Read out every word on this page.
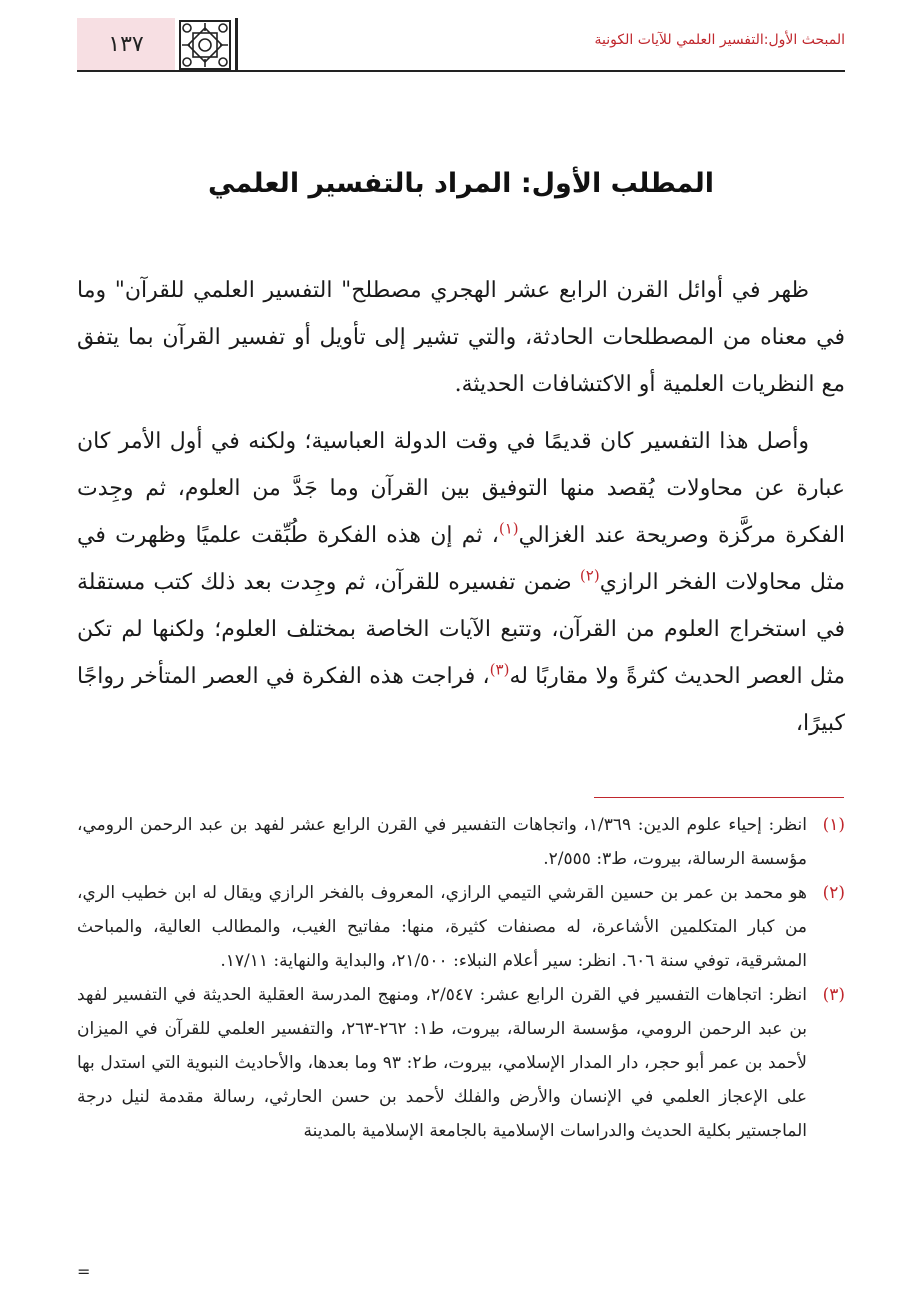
١٣٧	المبحث الأول:التفسير العلمي للآيات الكونية
المطلب الأول: المراد بالتفسير العلمي

ظهر في أوائل القرن الرابع عشر الهجري مصطلح" التفسير العلمي للقرآن" وما في معناه من المصطلحات الحادثة، والتي تشير إلى تأويل أو تفسير القرآن بما يتفق مع النظريات العلمية أو الاكتشافات الحديثة.

وأصل هذا التفسير كان قديمًا في وقت الدولة العباسية؛ ولكنه في أول الأمر كان عبارة عن محاولات يُقصد منها التوفيق بين القرآن وما جَدَّ من العلوم، ثم وجِدت الفكرة مركَّزة وصريحة عند الغزالي$^{(١)}$، ثم إن هذه الفكرة طُبِّقت علميًا وظهرت في مثل محاولات الفخر الرازي$^{(٢)}$ ضمن تفسيره للقرآن، ثم وجِدت بعد ذلك كتب مستقلة في استخراج العلوم من القرآن، وتتبع الآيات الخاصة بمختلف العلوم؛ ولكنها لم تكن مثل العصر الحديث كثرةً ولا مقاربًا له$^{(٣)}$، فراجت هذه الفكرة في العصر المتأخر رواجًا كبيرًا،

(١)
انظر: إحياء علوم الدين: ١/٣٦٩، واتجاهات التفسير في القرن الرابع عشر لفهد بن عبد الرحمن الرومي، مؤسسة الرسالة، بيروت، ط٣: ٢/٥٥٥.
(٢)
هو محمد بن عمر بن حسين القرشي التيمي الرازي، المعروف بالفخر الرازي ويقال له ابن خطيب الري، من كبار المتكلمين الأشاعرة، له مصنفات كثيرة، منها: مفاتيح الغيب، والمطالب العالية، والمباحث المشرقية، توفي سنة ٦٠٦. انظر: سير أعلام النبلاء: ٢١/٥٠٠، والبداية والنهاية: ١٧/١١.
(٣)
انظر: اتجاهات التفسير في القرن الرابع عشر: ٢/٥٤٧، ومنهج المدرسة العقلية الحديثة في التفسير لفهد بن عبد الرحمن الرومي، مؤسسة الرسالة، بيروت، ط١: ٢٦٢-٢٦٣، والتفسير العلمي للقرآن في الميزان لأحمد بن عمر أبو حجر، دار المدار الإسلامي، بيروت، ط٢: ٩٣ وما بعدها، والأحاديث النبوية التي استدل بها على الإعجاز العلمي في الإنسان والأرض والفلك لأحمد بن حسن الحارثي، رسالة مقدمة لنيل درجة الماجستير بكلية الحديث والدراسات الإسلامية بالجامعة الإسلامية بالمدينة
=
